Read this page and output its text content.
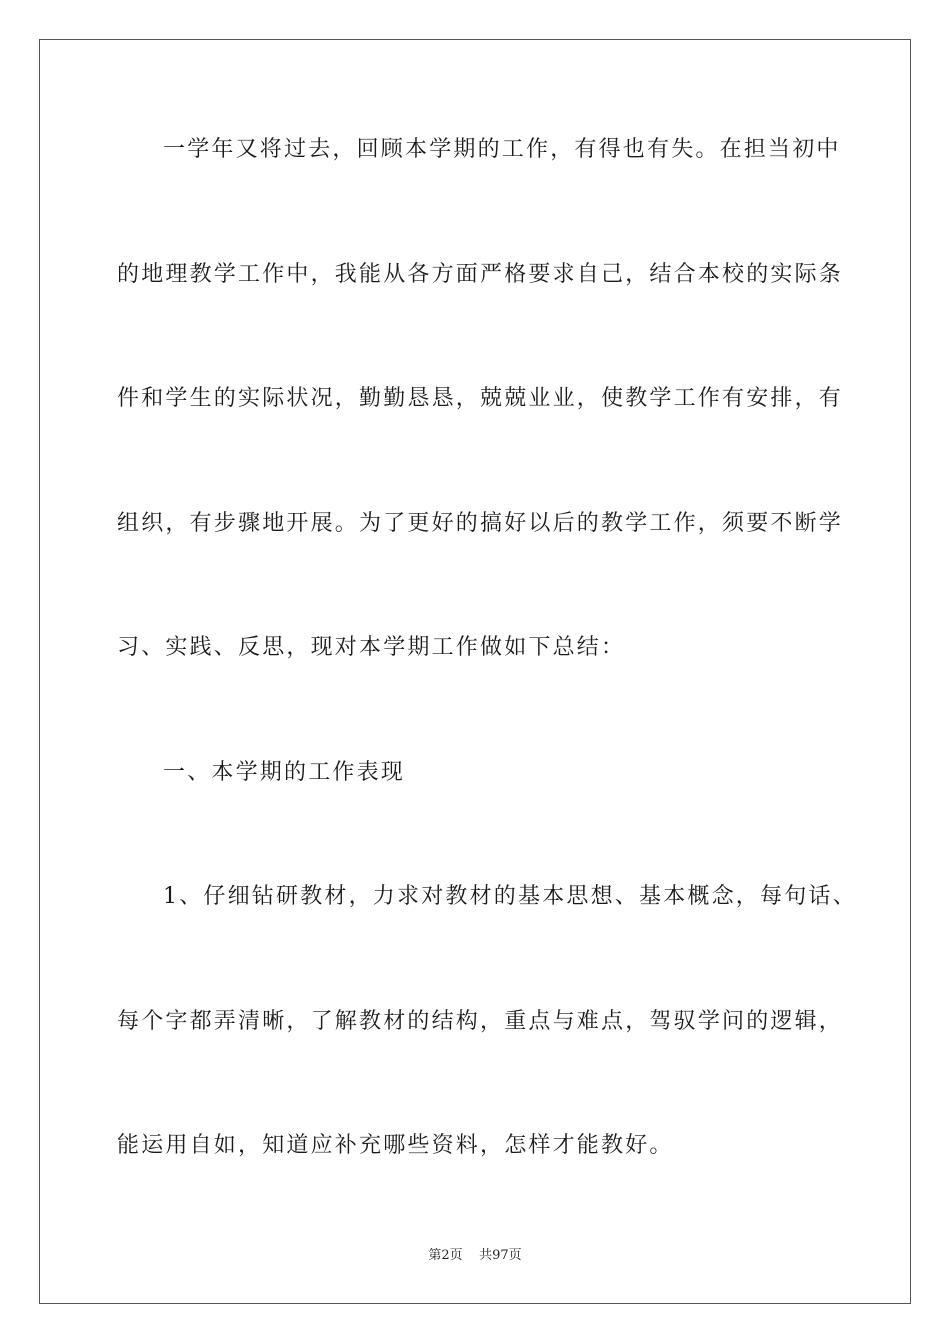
一学年又将过去，回顾本学期的工作，有得也有失。在担当初中
的地理教学工作中，我能从各方面严格要求自己，结合本校的实际条
件和学生的实际状况，勤勤恳恳，兢兢业业，使教学工作有安排，有
组织，有步骤地开展。为了更好的搞好以后的教学工作，须要不断学
习、实践、反思，现对本学期工作做如下总结：
一、本学期的工作表现
1、仔细钻研教材，力求对教材的基本思想、基本概念，每句话、
每个字都弄清晰，了解教材的结构，重点与难点，驾驭学问的逻辑，
能运用自如，知道应补充哪些资料，怎样才能教好。
第2页 共97页
